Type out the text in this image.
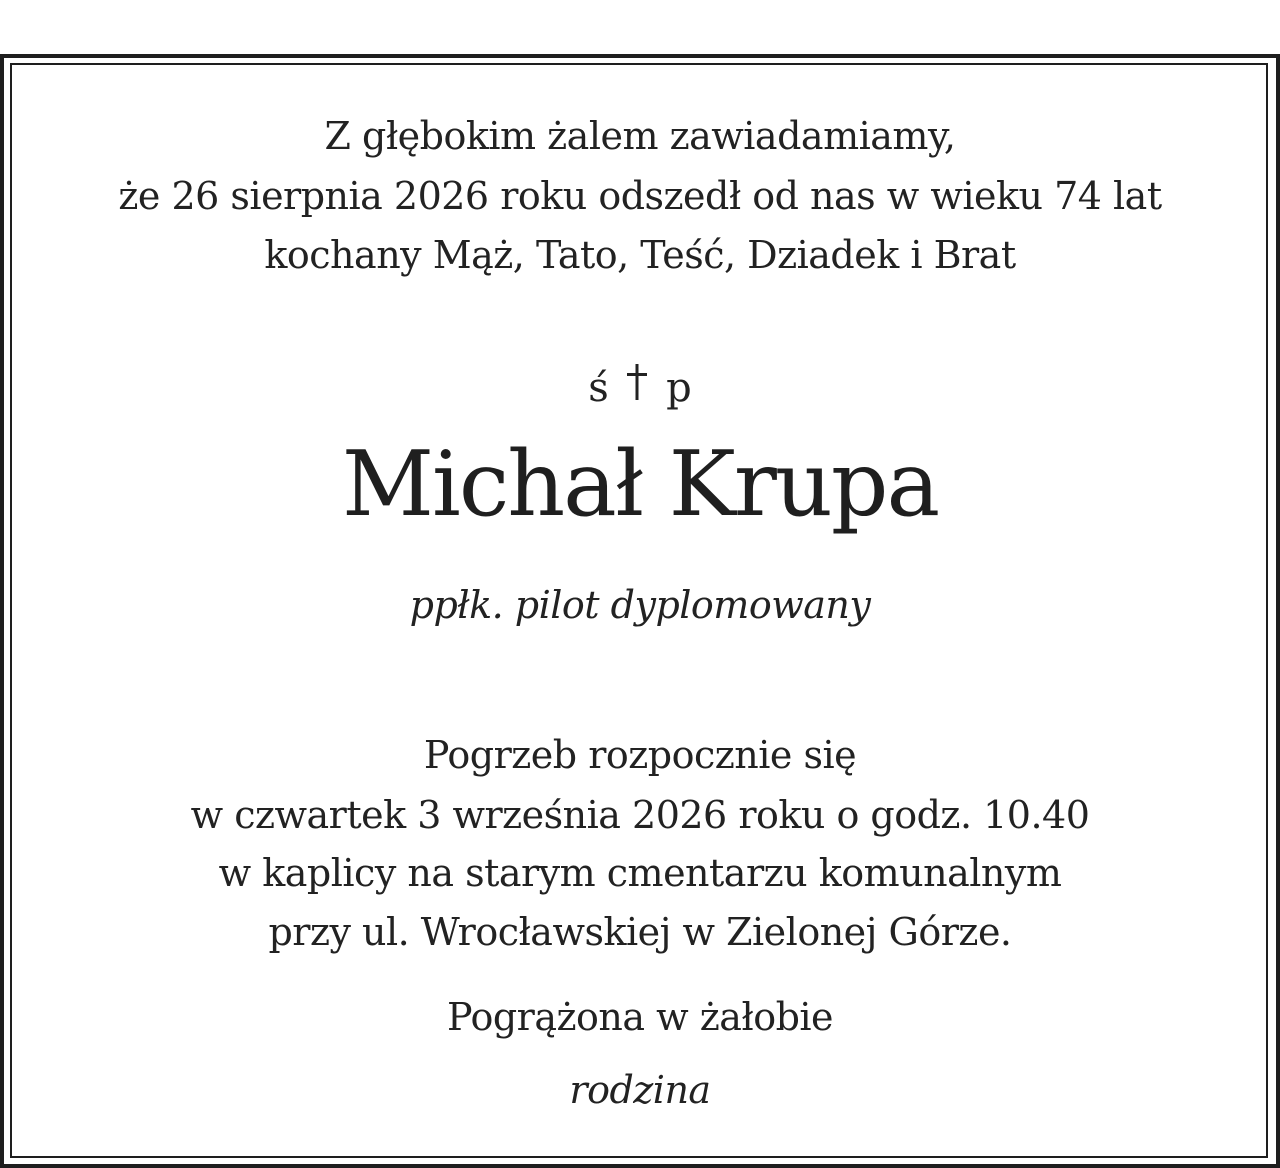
Z głębokim żalem zawiadamiamy,

że 26 sierpnia 2026 roku odszedł od nas w wieku 74 lat

kochany Mąż, Tato, Teść, Dziadek i Brat

ś p
Michał Krupa

ppłk. pilot dyplomowany

Pogrzeb rozpocznie się

w czwartek 3 września 2026 roku o godz. 10.40

w kaplicy na starym cmentarzu komunalnym

przy ul. Wrocławskiej w Zielonej Górze.

Pogrążona w żałobie

rodzina
